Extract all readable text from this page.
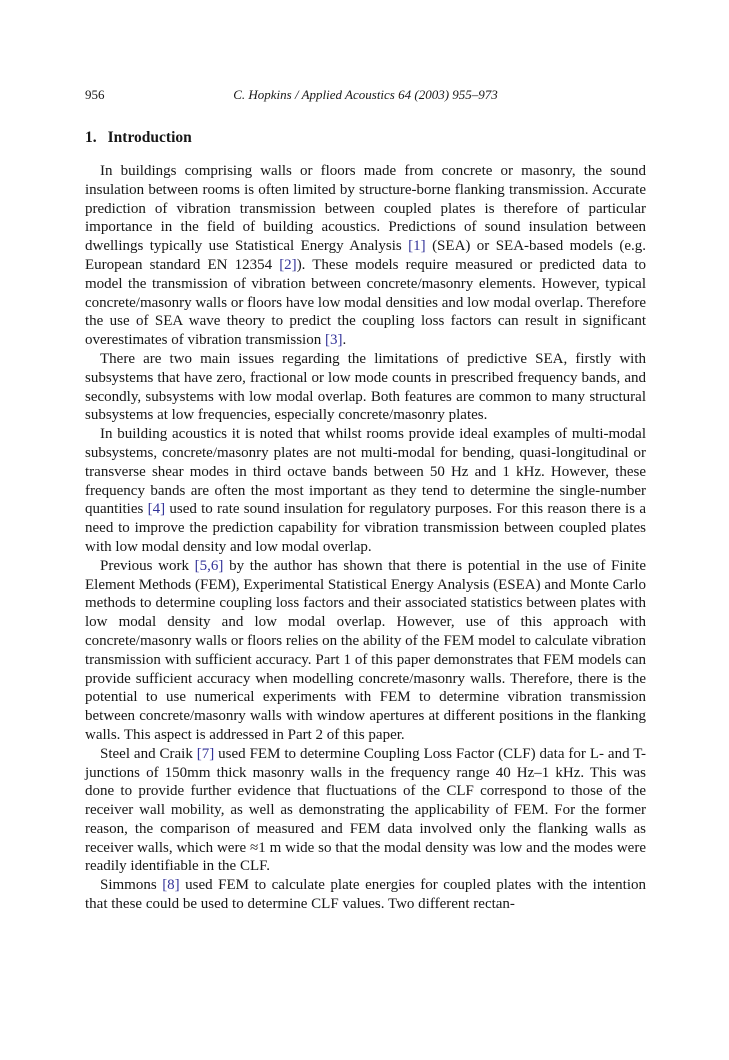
956	C. Hopkins / Applied Acoustics 64 (2003) 955–973
1. Introduction

In buildings comprising walls or floors made from concrete or masonry, the sound insulation between rooms is often limited by structure-borne flanking transmission. Accurate prediction of vibration transmission between coupled plates is therefore of particular importance in the field of building acoustics. Predictions of sound insulation between dwellings typically use Statistical Energy Analysis [1] (SEA) or SEA-based models (e.g. European standard EN 12354 [2]). These models require measured or predicted data to model the transmission of vibration between concrete/masonry elements. However, typical concrete/masonry walls or floors have low modal densities and low modal overlap. Therefore the use of SEA wave theory to predict the coupling loss factors can result in significant overestimates of vibration transmission [3].

There are two main issues regarding the limitations of predictive SEA, firstly with subsystems that have zero, fractional or low mode counts in prescribed frequency bands, and secondly, subsystems with low modal overlap. Both features are common to many structural subsystems at low frequencies, especially concrete/masonry plates.

In building acoustics it is noted that whilst rooms provide ideal examples of multi-modal subsystems, concrete/masonry plates are not multi-modal for bending, quasi-longitudinal or transverse shear modes in third octave bands between 50 Hz and 1 kHz. However, these frequency bands are often the most important as they tend to determine the single-number quantities [4] used to rate sound insulation for regulatory purposes. For this reason there is a need to improve the prediction capability for vibration transmission between coupled plates with low modal density and low modal overlap.

Previous work [5,6] by the author has shown that there is potential in the use of Finite Element Methods (FEM), Experimental Statistical Energy Analysis (ESEA) and Monte Carlo methods to determine coupling loss factors and their associated statistics between plates with low modal density and low modal overlap. However, use of this approach with concrete/masonry walls or floors relies on the ability of the FEM model to calculate vibration transmission with sufficient accuracy. Part 1 of this paper demonstrates that FEM models can provide sufficient accuracy when modelling concrete/masonry walls. Therefore, there is the potential to use numerical experiments with FEM to determine vibration transmission between concrete/masonry walls with window apertures at different positions in the flanking walls. This aspect is addressed in Part 2 of this paper.

Steel and Craik [7] used FEM to determine Coupling Loss Factor (CLF) data for L- and T-junctions of 150mm thick masonry walls in the frequency range 40 Hz–1 kHz. This was done to provide further evidence that fluctuations of the CLF correspond to those of the receiver wall mobility, as well as demonstrating the applicability of FEM. For the former reason, the comparison of measured and FEM data involved only the flanking walls as receiver walls, which were ≈1 m wide so that the modal density was low and the modes were readily identifiable in the CLF.

Simmons [8] used FEM to calculate plate energies for coupled plates with the intention that these could be used to determine CLF values. Two different rectan-
